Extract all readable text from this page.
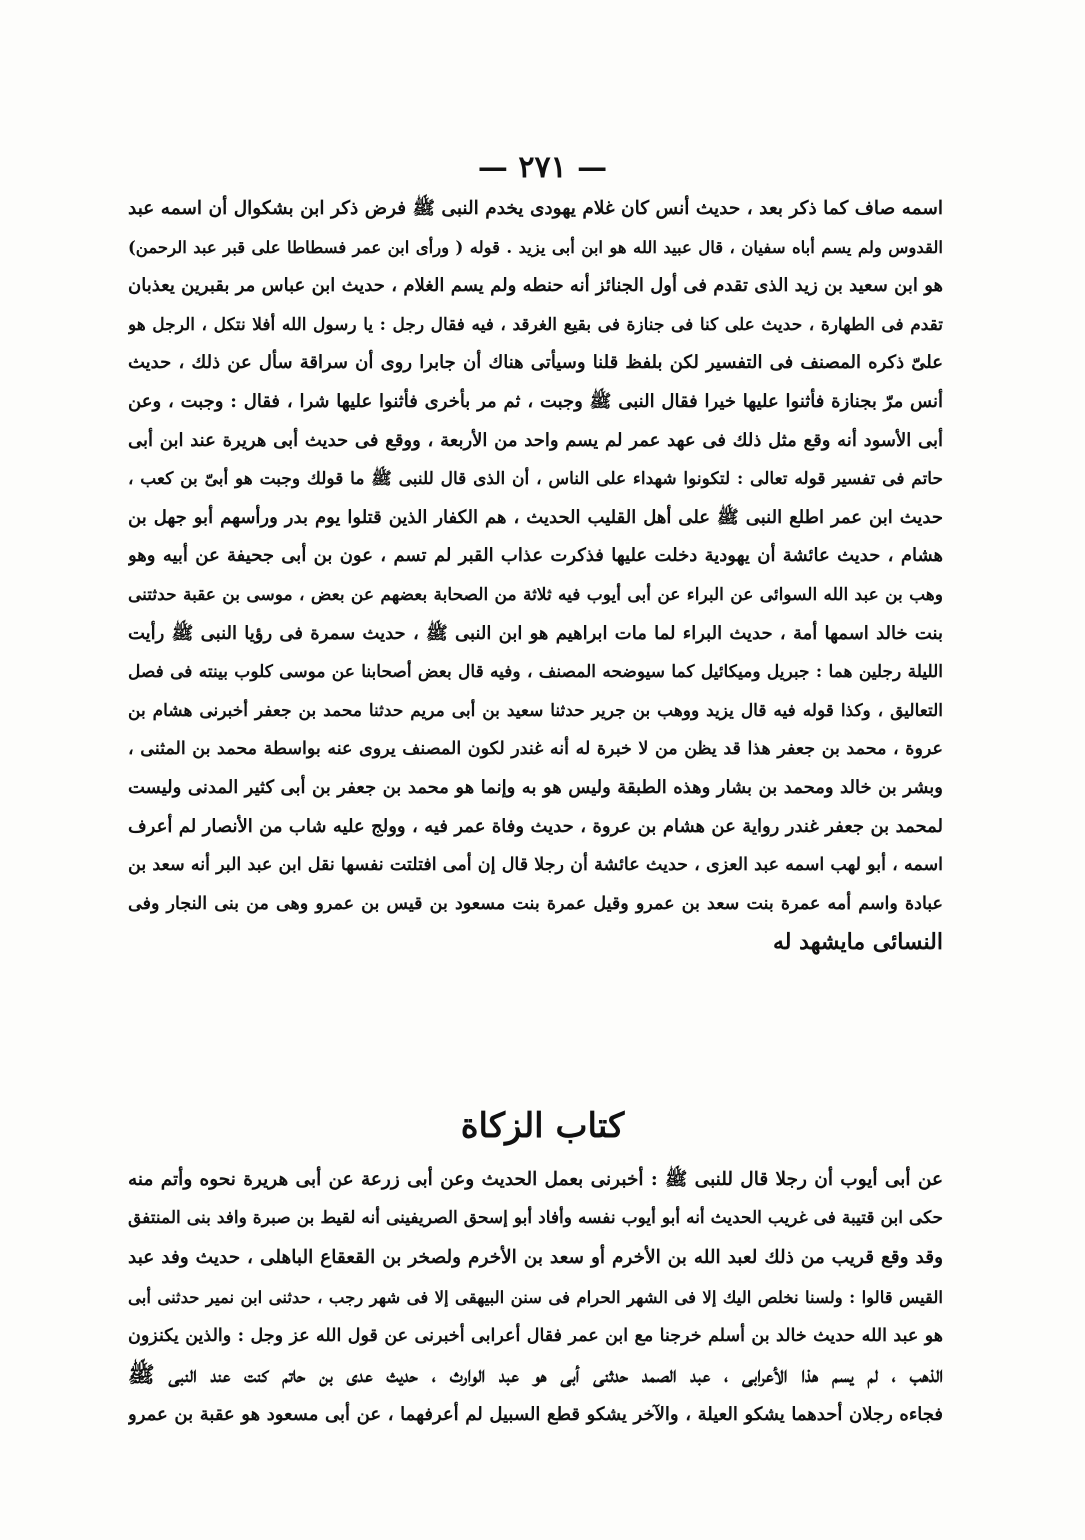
— ٢٧١ —
اسمه صاف كما ذكر بعد ، حديث أنس كان غلام يهودى يخدم النبى ﷺ فرض ذكر ابن بشكوال أن اسمه عبد
القدوس ولم يسم أباه سفيان ، قال عبيد الله هو ابن أبى يزيد . قوله ( ورأى ابن عمر فسطاطا على قبر عبد الرحمن)
هو ابن سعيد بن زيد الذى تقدم فى أول الجنائز أنه حنطه ولم يسم الغلام ، حديث ابن عباس مر بقبرين يعذبان
تقدم فى الطهارة ، حديث على كنا فى جنازة فى بقيع الغرقد ، فيه فقال رجل : يا رسول الله أفلا نتكل ، الرجل هو
علىّ ذكره المصنف فى التفسير لكن بلفظ قلنا وسيأتى هناك أن جابرا روى أن سراقة سأل عن ذلك ، حديث
أنس مرّ بجنازة فأثنوا عليها خيرا فقال النبى ﷺ وجبت ، ثم مر بأخرى فأثنوا عليها شرا ، فقال : وجبت ، وعن
أبى الأسود أنه وقع مثل ذلك فى عهد عمر لم يسم واحد من الأربعة ، ووقع فى حديث أبى هريرة عند ابن أبى
حاتم فى تفسير قوله تعالى : لتكونوا شهداء على الناس ، أن الذى قال للنبى ﷺ ما قولك وجبت هو أبىّ بن كعب ،
حديث ابن عمر اطلع النبى ﷺ على أهل القليب الحديث ، هم الكفار الذين قتلوا يوم بدر ورأسهم أبو جهل بن
هشام ، حديث عائشة أن يهودية دخلت عليها فذكرت عذاب القبر لم تسم ، عون بن أبى جحيفة عن أبيه وهو
وهب بن عبد الله السوائى عن البراء عن أبى أيوب فيه ثلاثة من الصحابة بعضهم عن بعض ، موسى بن عقبة حدثتنى
بنت خالد اسمها أمة ، حديث البراء لما مات ابراهيم هو ابن النبى ﷺ ، حديث سمرة فى رؤيا النبى ﷺ رأيت
الليلة رجلين هما : جبريل وميكائيل كما سيوضحه المصنف ، وفيه قال بعض أصحابنا عن موسى كلوب بينته فى فصل
التعاليق ، وكذا قوله فيه قال يزيد ووهب بن جرير حدثنا سعيد بن أبى مريم حدثنا محمد بن جعفر أخبرنى هشام بن
عروة ، محمد بن جعفر هذا قد يظن من لا خبرة له أنه غندر لكون المصنف يروى عنه بواسطة محمد بن المثنى ،
وبشر بن خالد ومحمد بن بشار وهذه الطبقة وليس هو به وإنما هو محمد بن جعفر بن أبى كثير المدنى وليست
لمحمد بن جعفر غندر رواية عن هشام بن عروة ، حديث وفاة عمر فيه ، وولج عليه شاب من الأنصار لم أعرف
اسمه ، أبو لهب اسمه عبد العزى ، حديث عائشة أن رجلا قال إن أمى افتلتت نفسها نقل ابن عبد البر أنه سعد بن
عبادة واسم أمه عمرة بنت سعد بن عمرو وقيل عمرة بنت مسعود بن قيس بن عمرو وهى من بنى النجار وفى
النسائى مايشهد له
كتاب الزكاة
عن أبى أيوب أن رجلا قال للنبى ﷺ : أخبرنى بعمل الحديث وعن أبى زرعة عن أبى هريرة نحوه وأتم منه
حكى ابن قتيبة فى غريب الحديث أنه أبو أيوب نفسه وأفاد أبو إسحق الصريفينى أنه لقيط بن صبرة وافد بنى المنتفق
وقد وقع قريب من ذلك لعبد الله بن الأخرم أو سعد بن الأخرم ولصخر بن القعقاع الباهلى ، حديث وفد عبد
القيس قالوا : ولسنا نخلص اليك إلا فى الشهر الحرام فى سنن البيهقى إلا فى شهر رجب ، حدثنى ابن نمير حدثنى أبى
هو عبد الله حديث خالد بن أسلم خرجنا مع ابن عمر فقال أعرابى أخبرنى عن قول الله عز وجل : والذين يكنزون
الذهب ، لم يسم هذا الأعرابى ، عبد الصمد حدثنى أبى هو عبد الوارث ، حديث عدى بن حاتم كنت عند النبى ﷺ
فجاءه رجلان أحدهما يشكو العيلة ، والآخر يشكو قطع السبيل لم أعرفهما ، عن أبى مسعود هو عقبة بن عمرو
